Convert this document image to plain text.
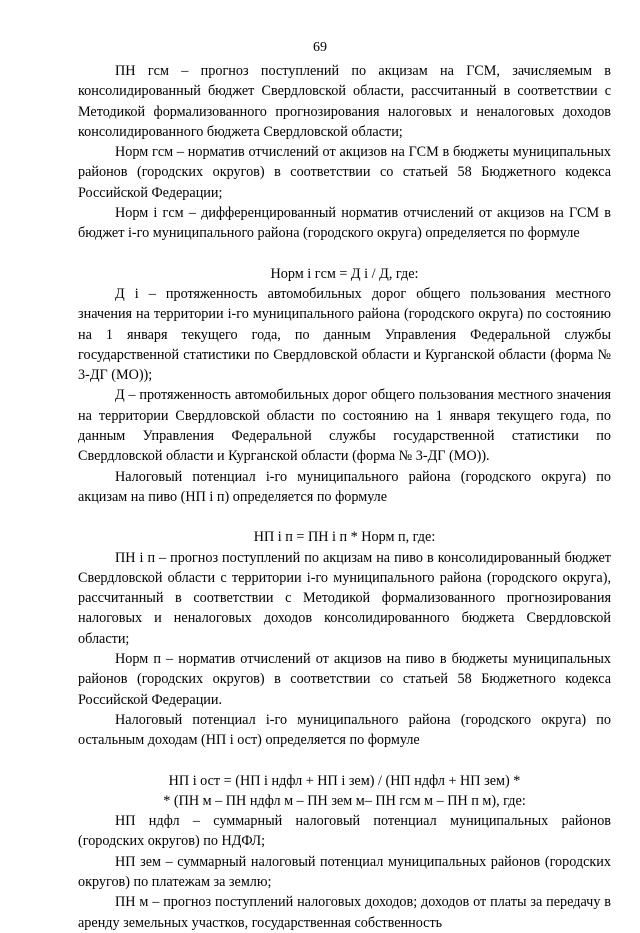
69

ПН гсм – прогноз поступлений по акцизам на ГСМ, зачисляемым в консолидированный бюджет Свердловской области, рассчитанный в соответствии с Методикой формализованного прогнозирования налоговых и неналоговых доходов консолидированного бюджета Свердловской области;

Норм гсм – норматив отчислений от акцизов на ГСМ в бюджеты муниципальных районов (городских округов) в соответствии со статьей 58 Бюджетного кодекса Российской Федерации;

Норм i гсм – дифференцированный норматив отчислений от акцизов на ГСМ в бюджет i-го муниципального района (городского округа) определяется по формуле

Норм i гсм = Д i / Д, где:

Д i – протяженность автомобильных дорог общего пользования местного значения на территории i-го муниципального района (городского округа) по состоянию на 1 января текущего года, по данным Управления Федеральной службы государственной статистики по Свердловской области и Курганской области (форма № 3-ДГ (МО));

Д – протяженность автомобильных дорог общего пользования местного значения на территории Свердловской области по состоянию на 1 января текущего года, по данным Управления Федеральной службы государственной статистики по Свердловской области и Курганской области (форма № 3-ДГ (МО)).

Налоговый потенциал i-го муниципального района (городского округа) по акцизам на пиво (НП i п) определяется по формуле

НП i п = ПН i п * Норм п, где:

ПН i п – прогноз поступлений по акцизам на пиво в консолидированный бюджет Свердловской области с территории i-го муниципального района (городского округа), рассчитанный в соответствии с Методикой формализованного прогнозирования налоговых и неналоговых доходов консолидированного бюджета Свердловской области;

Норм п – норматив отчислений от акцизов на пиво в бюджеты муниципальных районов (городских округов) в соответствии со статьей 58 Бюджетного кодекса Российской Федерации.

Налоговый потенциал i-го муниципального района (городского округа) по остальным доходам (НП i ост) определяется по формуле

НП i ост = (НП i ндфл + НП i зем) / (НП ндфл + НП зем) *

* (ПН м – ПН ндфл м – ПН зем м– ПН гсм м – ПН п м), где:

НП ндфл – суммарный налоговый потенциал муниципальных районов (городских округов) по НДФЛ;

НП зем – суммарный налоговый потенциал муниципальных районов (городских округов) по платежам за землю;

ПН м – прогноз поступлений налоговых доходов; доходов от платы за передачу в аренду земельных участков, государственная собственность
